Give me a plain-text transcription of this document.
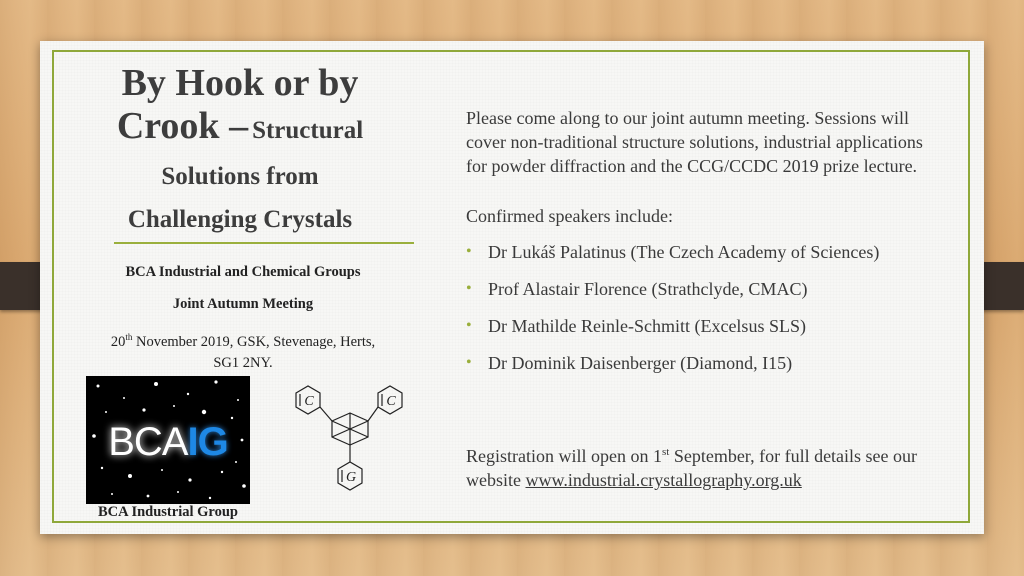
By Hook or by
Crook – Structural
Solutions from
Challenging Crystals
BCA Industrial and Chemical Groups
Joint Autumn Meeting
20th November 2019, GSK, Stevenage, Herts,
SG1 2NY.
BCAIG
BCA Industrial Group
C	C
G
Please come along to our joint autumn meeting. Sessions will cover non-traditional structure solutions, industrial applications for powder diffraction and the CCG/CCDC 2019 prize lecture.
Confirmed speakers include:
• Dr Lukáš Palatinus (The Czech Academy of Sciences)
• Prof Alastair Florence (Strathclyde, CMAC)
• Dr Mathilde Reinle-Schmitt (Excelsus SLS)
• Dr Dominik Daisenberger (Diamond, I15)
Registration will open on 1st September, for full details see our website www.industrial.crystallography.org.uk
